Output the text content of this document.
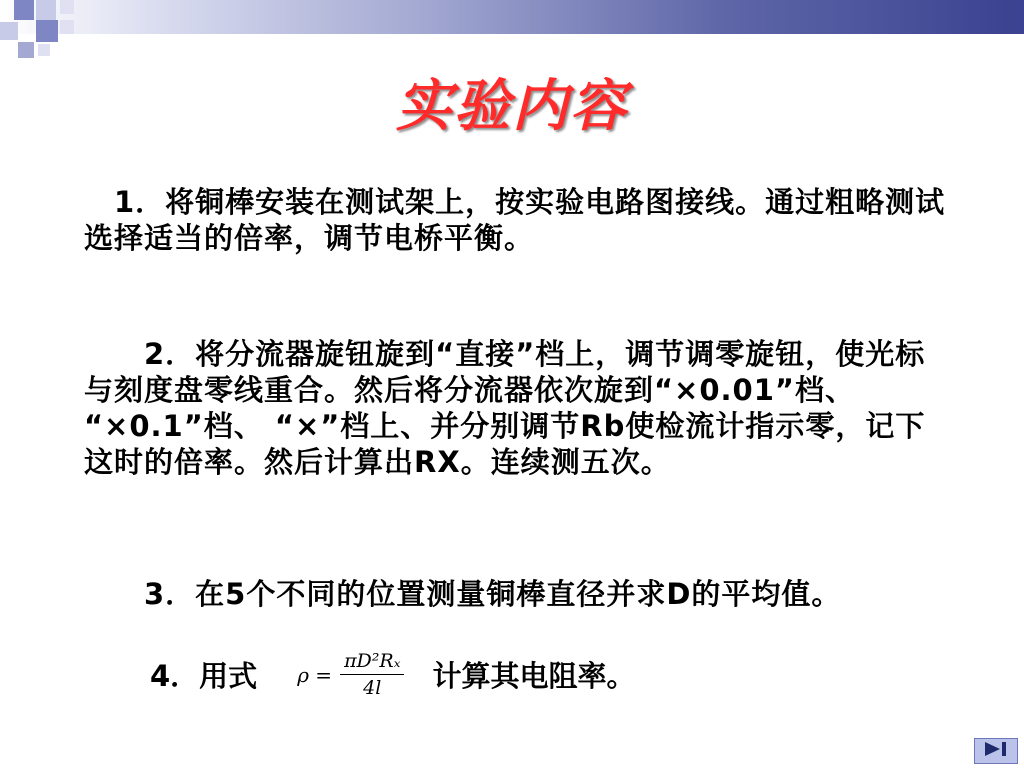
实验内容
　1．将铜棒安装在测试架上，按实验电路图接线。通过粗略测试选择适当的倍率，调节电桥平衡。
　　2．将分流器旋钮旋到“直接”档上，调节调零旋钮，使光标与刻度盘零线重合。然后将分流器依次旋到“×0.01”档、 “×0.1”档、 “×”档上、并分别调节Rb使检流计指示零，记下这时的倍率。然后计算出RX。连续测五次。
　　3．在5个不同的位置测量铜棒直径并求D的平均值。
4．用式 $\rho = \frac{\text{πD²Rₓ}}{4l}$ 计算其电阻率。
